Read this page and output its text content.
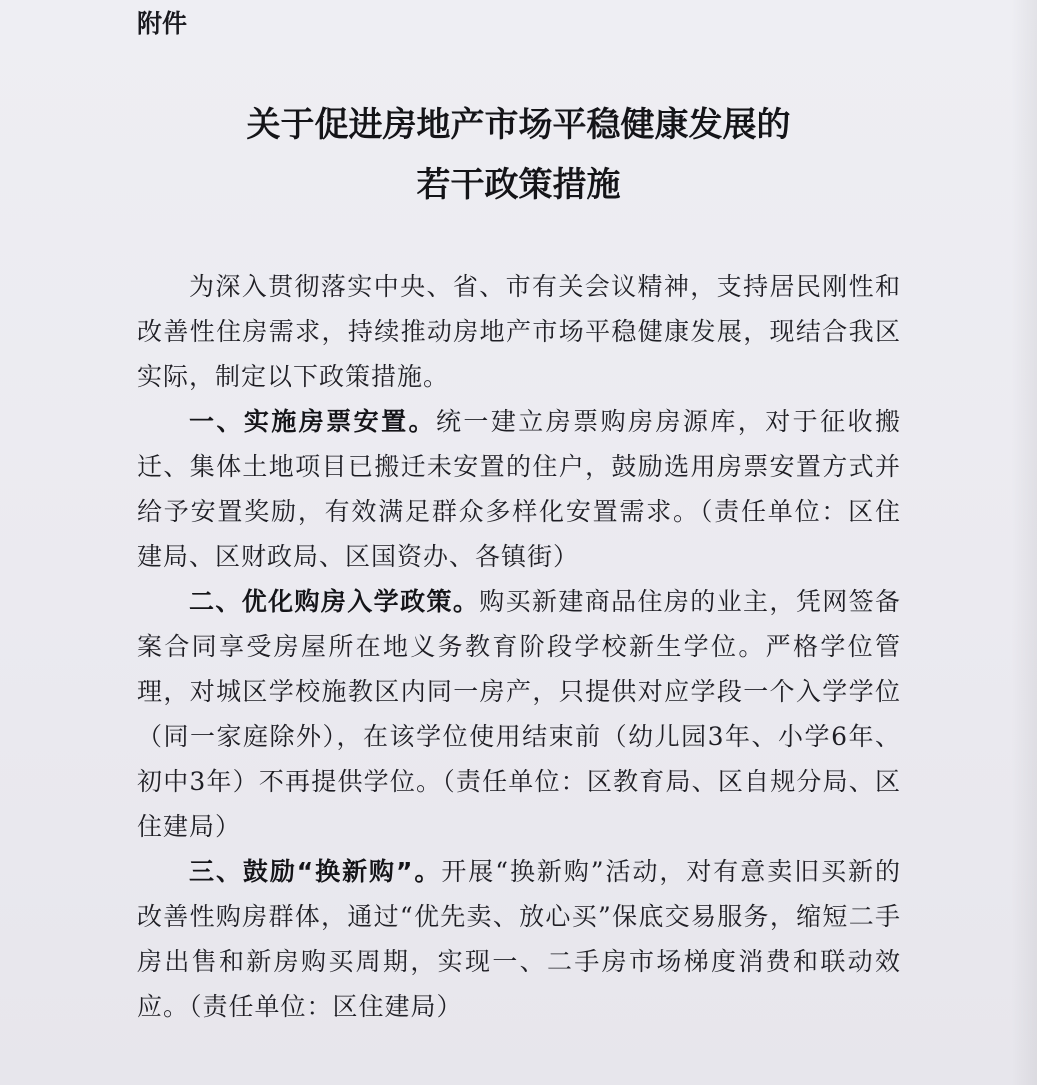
附件
关于促进房地产市场平稳健康发展的
若干政策措施

为深入贯彻落实中央、省、市有关会议精神，支持居民刚性和改善性住房需求，持续推动房地产市场平稳健康发展，现结合我区实际，制定以下政策措施。

一、实施房票安置。统一建立房票购房房源库，对于征收搬迁、集体土地项目已搬迁未安置的住户，鼓励选用房票安置方式并给予安置奖励，有效满足群众多样化安置需求。（责任单位：区住建局、区财政局、区国资办、各镇街）

二、优化购房入学政策。购买新建商品住房的业主，凭网签备案合同享受房屋所在地义务教育阶段学校新生学位。严格学位管理，对城区学校施教区内同一房产，只提供对应学段一个入学学位（同一家庭除外），在该学位使用结束前（幼儿园3年、小学6年、初中3年）不再提供学位。（责任单位：区教育局、区自规分局、区住建局）

三、鼓励“换新购”。开展“换新购”活动，对有意卖旧买新的改善性购房群体，通过“优先卖、放心买”保底交易服务，缩短二手房出售和新房购买周期，实现一、二手房市场梯度消费和联动效应。（责任单位：区住建局）
